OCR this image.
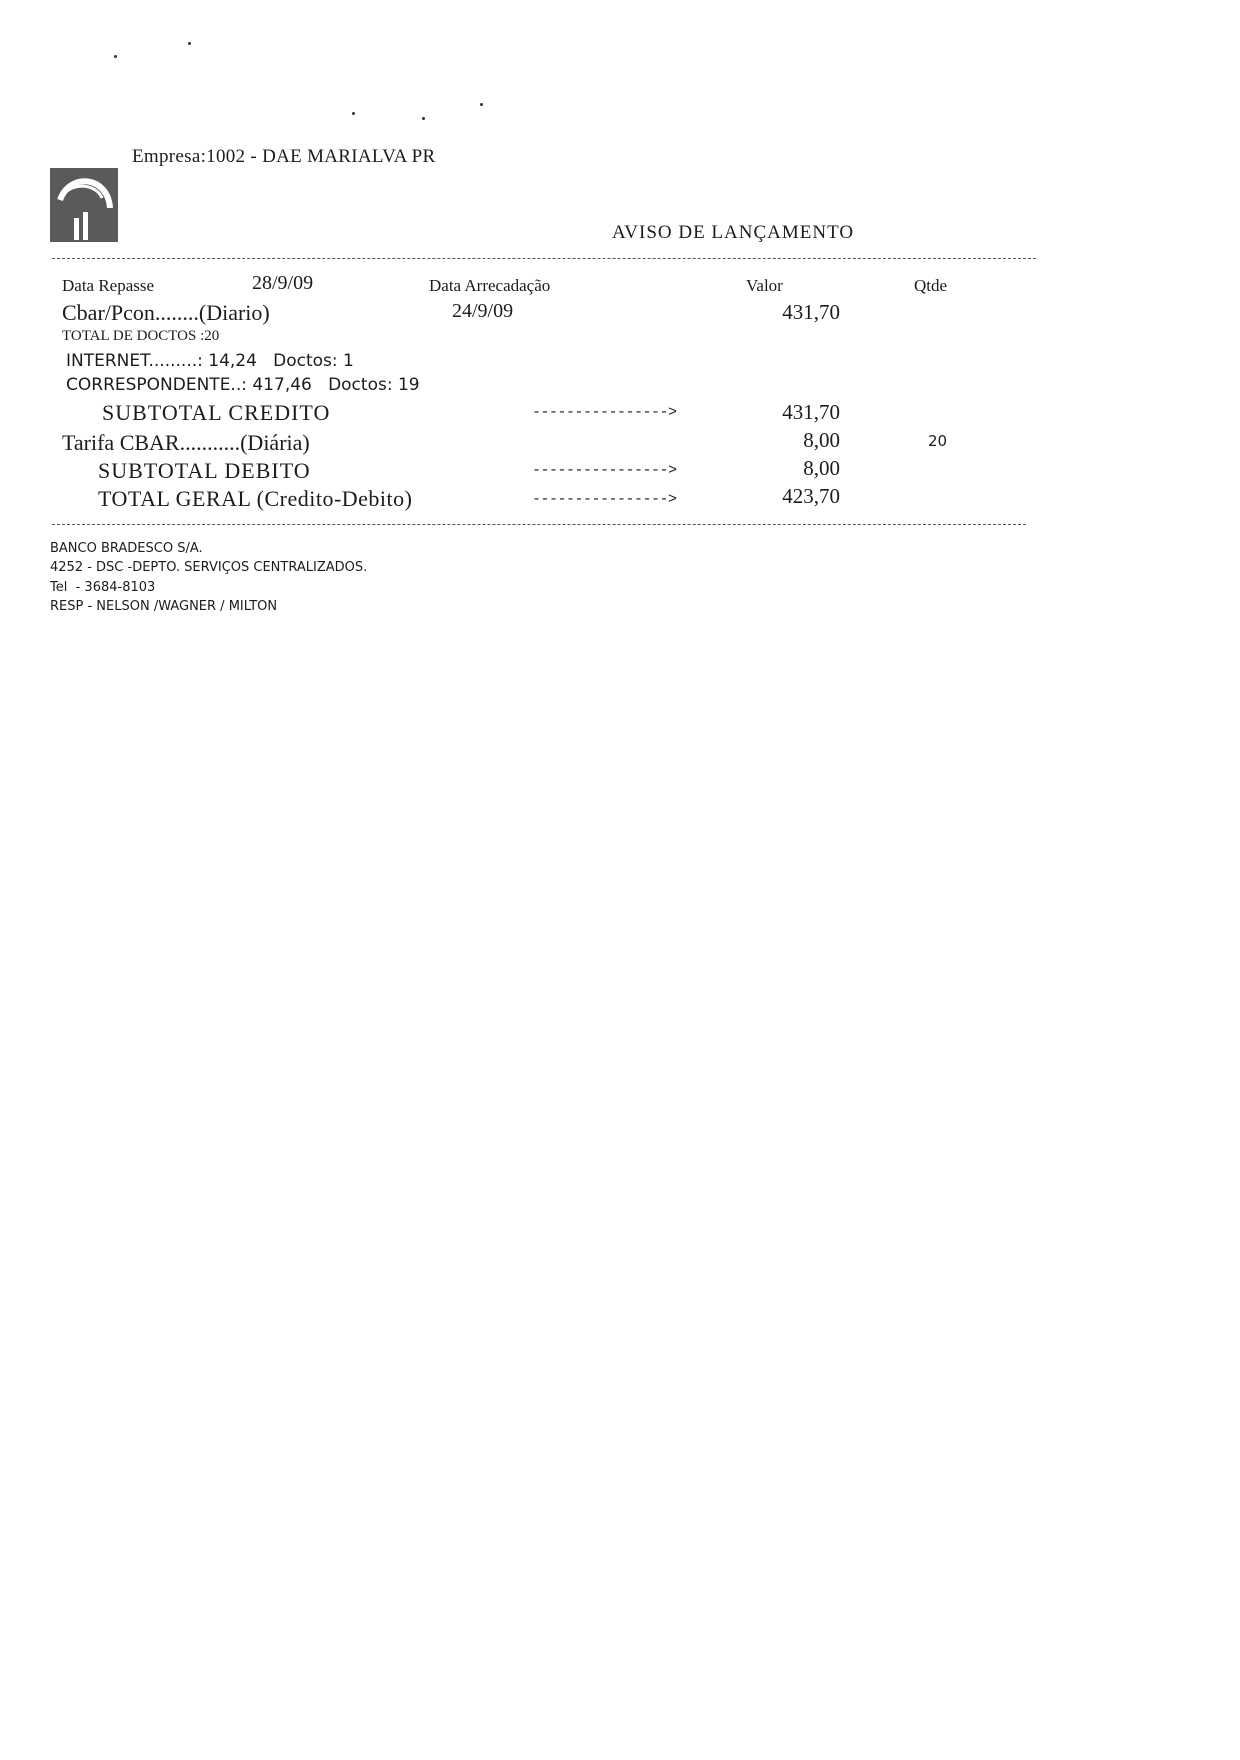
Empresa:1002 - DAE MARIALVA PR
AVISO DE LANÇAMENTO
Data Repasse	28/9/09	Data Arrecadação	Valor	Qtde
Cbar/Pcon........(Diario)	24/9/09	431,70
TOTAL DE DOCTOS :20
INTERNET.........: 14,24   Doctos: 1
CORRESPONDENTE..: 417,46   Doctos: 19
SUBTOTAL CREDITO	---------------->	431,70
Tarifa CBAR...........(Diária)	8,00	20
SUBTOTAL DEBITO	---------------->	8,00
TOTAL GERAL (Credito-Debito)	---------------->	423,70
BANCO BRADESCO S/A.
4252 - DSC -DEPTO. SERVIÇOS CENTRALIZADOS.
Tel  - 3684-8103
RESP - NELSON /WAGNER / MILTON
